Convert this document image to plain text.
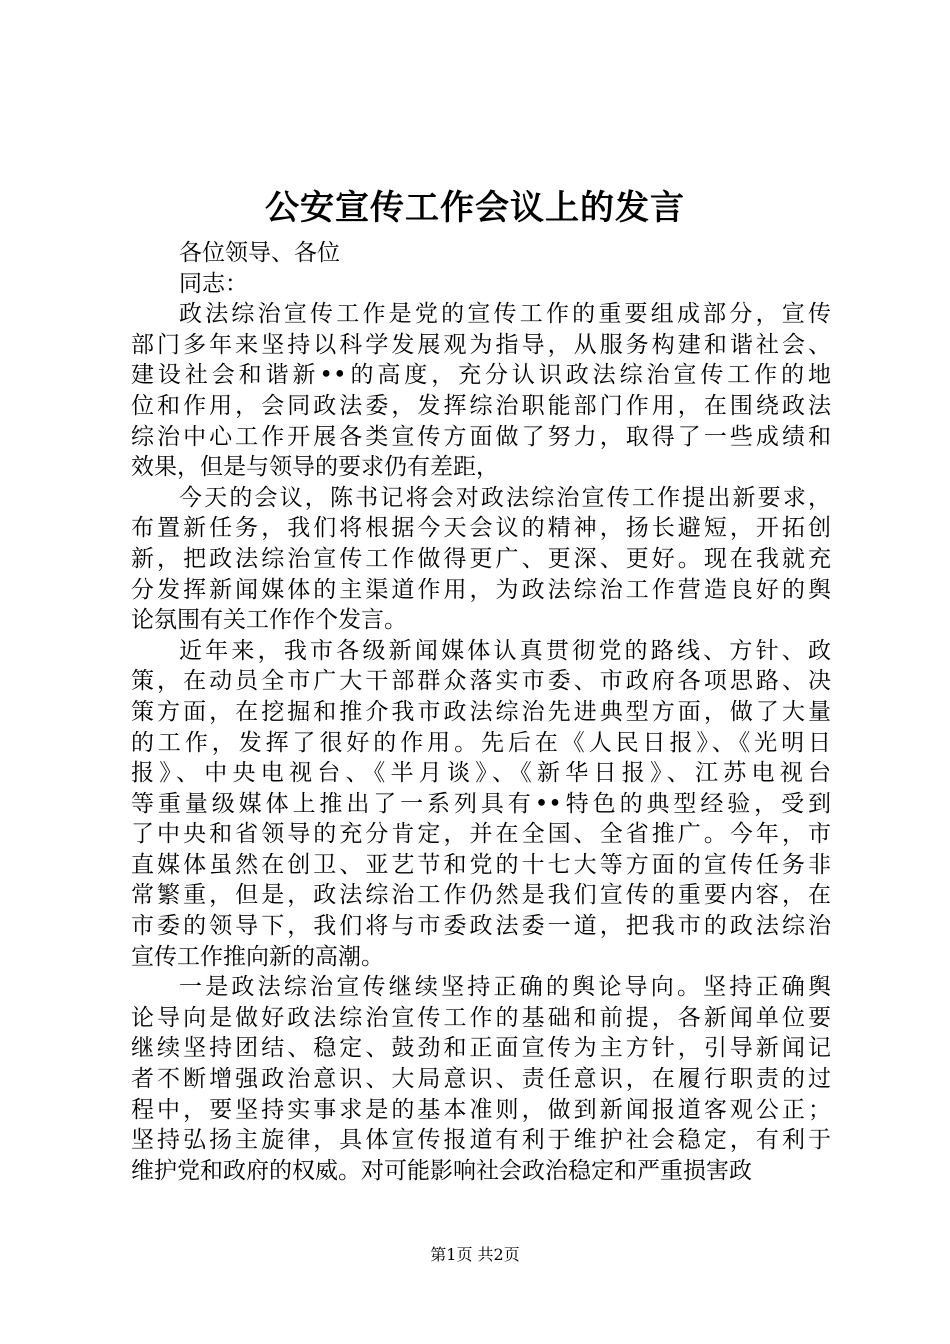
公安宣传工作会议上的发言
各位领导、各位
同志：

政法综治宣传工作是党的宣传工作的重要组成部分，宣传
部门多年来坚持以科学发展观为指导，从服务构建和谐社会、
建设社会和谐新••的高度，充分认识政法综治宣传工作的地
位和作用，会同政法委，发挥综治职能部门作用，在围绕政法
综治中心工作开展各类宣传方面做了努力，取得了一些成绩和
效果，但是与领导的要求仍有差距，

今天的会议，陈书记将会对政法综治宣传工作提出新要求，
布置新任务，我们将根据今天会议的精神，扬长避短，开拓创
新，把政法综治宣传工作做得更广、更深、更好。现在我就充
分发挥新闻媒体的主渠道作用，为政法综治工作营造良好的舆
论氛围有关工作作个发言。

近年来，我市各级新闻媒体认真贯彻党的路线、方针、政
策，在动员全市广大干部群众落实市委、市政府各项思路、决
策方面，在挖掘和推介我市政法综治先进典型方面，做了大量
的工作，发挥了很好的作用。先后在《人民日报》、《光明日
报》、中央电视台、《半月谈》、《新华日报》、江苏电视台
等重量级媒体上推出了一系列具有••特色的典型经验，受到
了中央和省领导的充分肯定，并在全国、全省推广。今年，市
直媒体虽然在创卫、亚艺节和党的十七大等方面的宣传任务非
常繁重，但是，政法综治工作仍然是我们宣传的重要内容，在
市委的领导下，我们将与市委政法委一道，把我市的政法综治
宣传工作推向新的高潮。

一是政法综治宣传继续坚持正确的舆论导向。坚持正确舆
论导向是做好政法综治宣传工作的基础和前提，各新闻单位要
继续坚持团结、稳定、鼓劲和正面宣传为主方针，引导新闻记
者不断增强政治意识、大局意识、责任意识，在履行职责的过
程中，要坚持实事求是的基本准则，做到新闻报道客观公正；
坚持弘扬主旋律，具体宣传报道有利于维护社会稳定，有利于
维护党和政府的权威。对可能影响社会政治稳定和严重损害政

第1页 共2页
